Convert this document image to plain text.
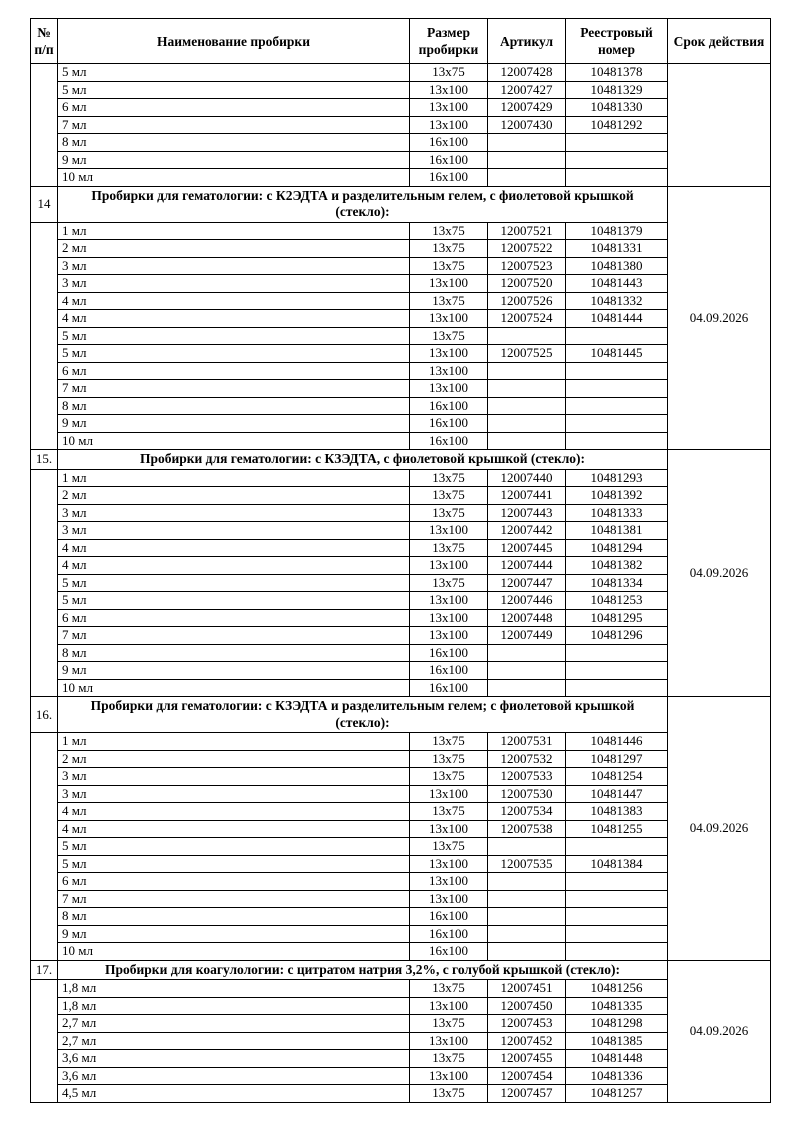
№ п/п	Наименование пробирки	Размер пробирки	Артикул	Реестровый номер	Срок действия
	5 мл	13x75	12007428	10481378	
	5 мл	13x100	12007427	10481329	
	6 мл	13x100	12007429	10481330	
	7 мл	13x100	12007430	10481292	
	8 мл	16x100			
	9 мл	16x100			
	10 мл	16x100			
14	Пробирки для гематологии: с К2ЭДТА и разделительным гелем, с фиолетовой крышкой (стекло):				04.09.2026
	1 мл	13x75	12007521	10481379	
	2 мл	13x75	12007522	10481331	
	3 мл	13x75	12007523	10481380	
	3 мл	13x100	12007520	10481443	
	4 мл	13x75	12007526	10481332	
	4 мл	13x100	12007524	10481444	
	5 мл	13x75			
	5 мл	13x100	12007525	10481445	
	6 мл	13x100			
	7 мл	13x100			
	8 мл	16x100			
	9 мл	16x100			
	10 мл	16x100			
15.	Пробирки для гематологии: с КЗЭДТА, с фиолетовой крышкой (стекло):				04.09.2026
	1 мл	13x75	12007440	10481293	
	2 мл	13x75	12007441	10481392	
	3 мл	13x75	12007443	10481333	
	3 мл	13x100	12007442	10481381	
	4 мл	13x75	12007445	10481294	
	4 мл	13x100	12007444	10481382	
	5 мл	13x75	12007447	10481334	
	5 мл	13x100	12007446	10481253	
	6 мл	13x100	12007448	10481295	
	7 мл	13x100	12007449	10481296	
	8 мл	16x100			
	9 мл	16x100			
	10 мл	16x100			
16.	Пробирки для гематологии: с КЗЭДТА и разделительным гелем; с фиолетовой крышкой (стекло):				04.09.2026
	1 мл	13x75	12007531	10481446	
	2 мл	13x75	12007532	10481297	
	3 мл	13x75	12007533	10481254	
	3 мл	13x100	12007530	10481447	
	4 мл	13x75	12007534	10481383	
	4 мл	13x100	12007538	10481255	
	5 мл	13x75			
	5 мл	13x100	12007535	10481384	
	6 мл	13x100			
	7 мл	13x100			
	8 мл	16x100			
	9 мл	16x100			
	10 мл	16x100			
17.	Пробирки для коагулологии: с цитратом натрия 3,2%, с голубой крышкой (стекло):				04.09.2026
	1,8 мл	13x75	12007451	10481256	
	1,8 мл	13x100	12007450	10481335	
	2,7 мл	13x75	12007453	10481298	
	2,7 мл	13x100	12007452	10481385	
	3,6 мл	13x75	12007455	10481448	
	3,6 мл	13x100	12007454	10481336	
	4,5 мл	13x75	12007457	10481257	
